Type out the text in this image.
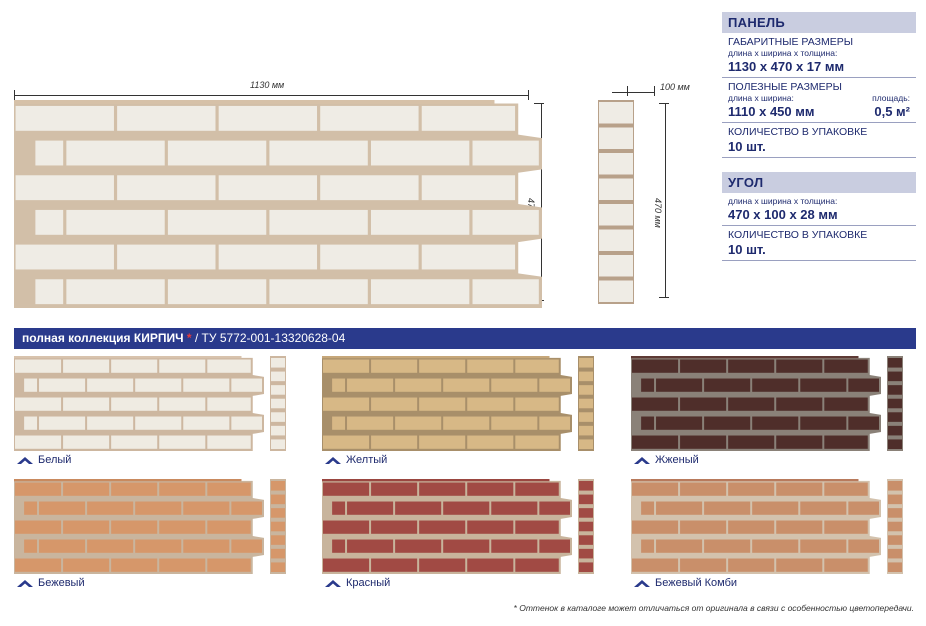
1130 мм	100 мм
470 мм
ПАНЕЛЬ
ГАБАРИТНЫЕ РАЗМЕРЫ
длина х ширина х толщина:
1130 х 470 х 17 мм
ПОЛЕЗНЫЕ РАЗМЕРЫ
длина х ширина:	площадь:
1110 х 450 мм	0,5 м²
КОЛИЧЕСТВО В УПАКОВКЕ
10 шт.
УГОЛ
длина х ширина х толщина:
470 х 100 х 28 мм
КОЛИЧЕСТВО В УПАКОВКЕ
10 шт.
полная коллекция КИРПИЧ * / ТУ 5772-001-13320628-04
Белый	Желтый	Жженый
Бежевый	Красный	Бежевый Комби
* Оттенок в каталоге может отличаться от оригинала в связи с особенностью цветопередачи.
